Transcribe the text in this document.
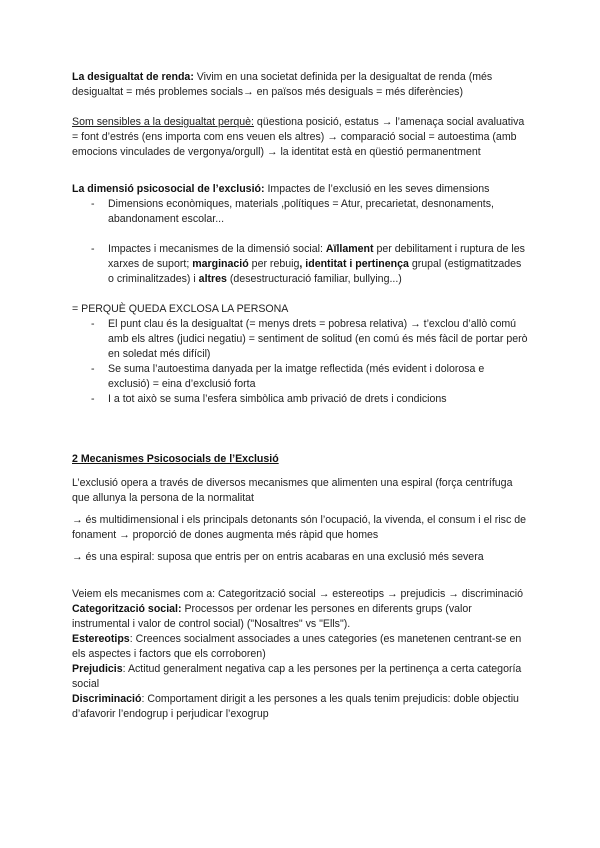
La desigualtat de renda: Vivim en una societat definida per la desigualtat de renda (més desigualtat = més problemes socials→ en països més desiguals = més diferències)

Som sensibles a la desigualtat perquè: qüestiona posició, estatus → l’amenaça social avaluativa = font d’estrés (ens importa com ens veuen els altres) → comparació social = autoestima (amb emocions vinculades de vergonya/orgull) → la identitat està en qüestió permanentment

La dimensió psicosocial de l’exclusió: Impactes de l’exclusió en les seves dimensions

- Dimensions econòmiques, materials ,polítiques = Atur, precarietat, desnonaments, abandonament escolar...
- Impactes i mecanismes de la dimensió social: Aïllament per debilitament i ruptura de les xarxes de suport; marginació per rebuig, identitat i pertinença grupal (estigmatitzades o criminalitzades) i altres (desestructuració familiar, bullying...)

= PERQUÈ QUEDA EXCLOSA LA PERSONA

- El punt clau és la desigualtat (= menys drets = pobresa relativa) → t’exclou d’allò comú amb els altres (judici negatiu) = sentiment de solitud (en comú és més fàcil de portar però en soledat més difícil)
- Se suma l’autoestima danyada per la imatge reflectida (més evident i dolorosa e exclusió) = eina d’exclusió forta
- I a tot això se suma l’esfera simbòlica amb privació de drets i condicions

2 Mecanismes Psicosocials de l’Exclusió

L’exclusió opera a través de diversos mecanismes que alimenten una espiral (força centrífuga que allunya la persona de la normalitat

→ és multidimensional i els principals detonants són l’ocupació, la vivenda, el consum i el risc de fonament → proporció de dones augmenta més ràpid que homes

→ és una espiral: suposa que entris per on entris acabaras en una exclusió més severa

Veiem els mecanismes com a: Categorització social → estereotips → prejudicis → discriminació

Categorització social: Processos per ordenar les persones en diferents grups (valor instrumental i valor de control social) ("Nosaltres" vs "Ells").

Estereotips: Creences socialment associades a unes categories (es manetenen centrant-se en els aspectes i factors que els corroboren)

Prejudicis: Actitud generalment negativa cap a les persones per la pertinença a certa categoría social

Discriminació: Comportament dirigit a les persones a les quals tenim prejudicis: doble objectiu d’afavorir l’endogrup i perjudicar l’exogrup
